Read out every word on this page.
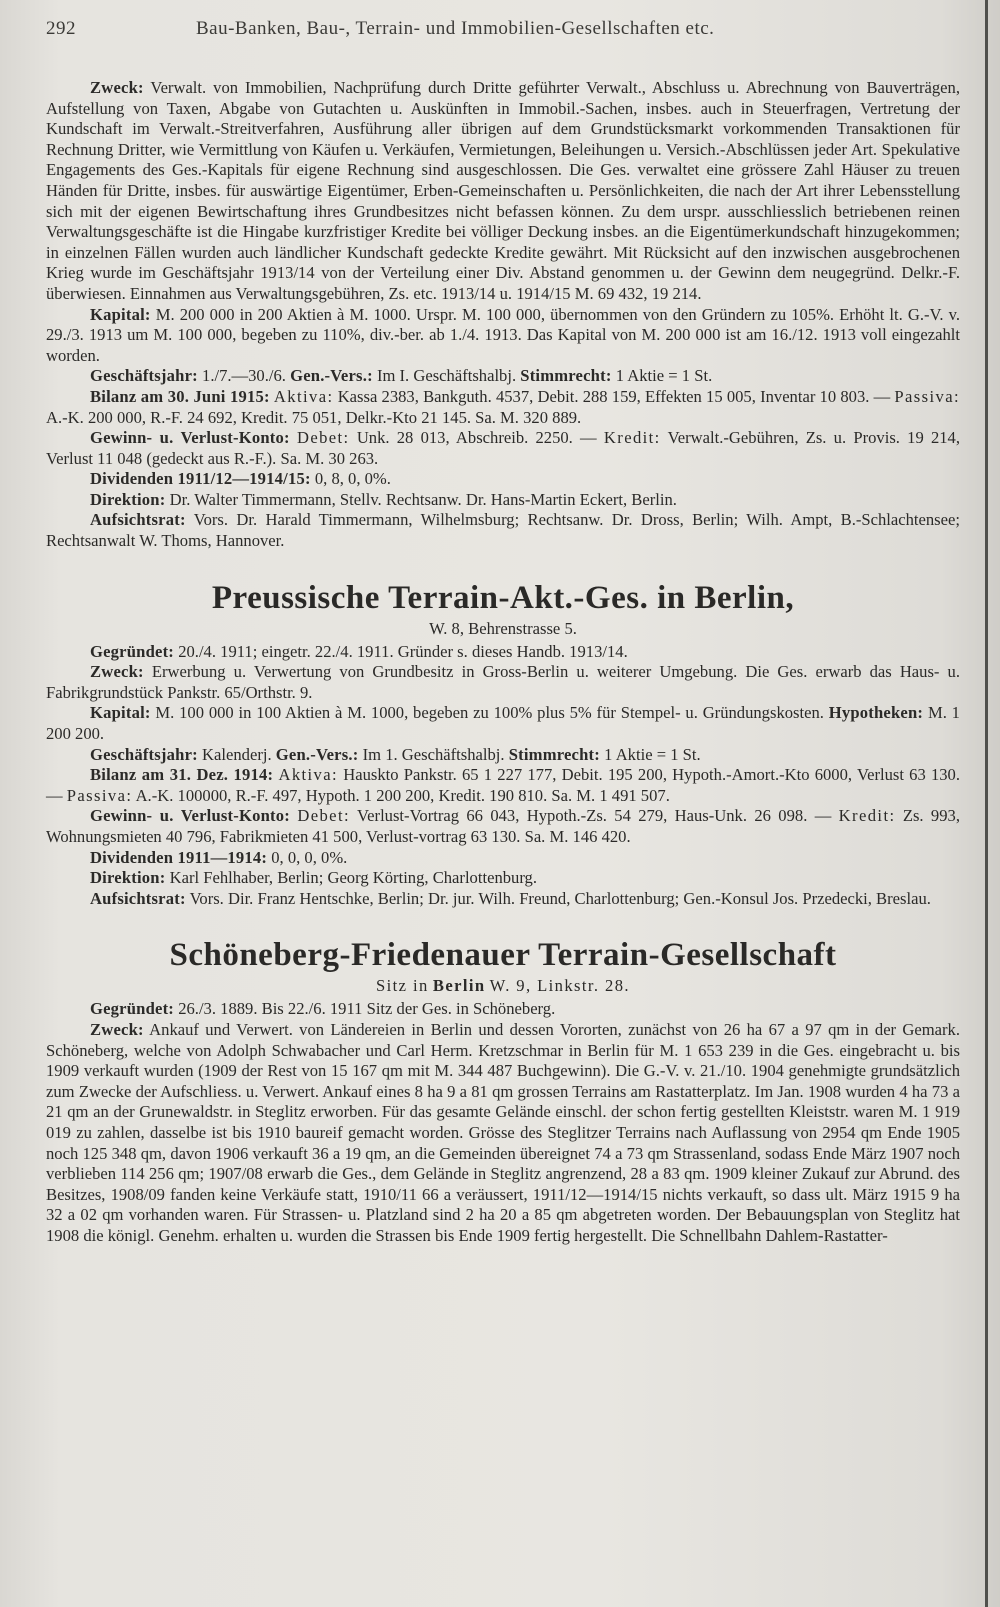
292	Bau-Banken, Bau-, Terrain- und Immobilien-Gesellschaften etc.

Zweck: Verwalt. von Immobilien, Nachprüfung durch Dritte geführter Verwalt., Abschluss u. Abrechnung von Bauverträgen, Aufstellung von Taxen, Abgabe von Gutachten u. Auskünften in Immobil.-Sachen, insbes. auch in Steuerfragen, Vertretung der Kundschaft im Verwalt.-Streitverfahren, Ausführung aller übrigen auf dem Grundstücksmarkt vorkommenden Transaktionen für Rechnung Dritter, wie Vermittlung von Käufen u. Verkäufen, Vermietungen, Beleihungen u. Versich.-Abschlüssen jeder Art. Spekulative Engagements des Ges.-Kapitals für eigene Rechnung sind ausgeschlossen. Die Ges. verwaltet eine grössere Zahl Häuser zu treuen Händen für Dritte, insbes. für auswärtige Eigentümer, Erben-Gemeinschaften u. Persönlichkeiten, die nach der Art ihrer Lebensstellung sich mit der eigenen Bewirtschaftung ihres Grundbesitzes nicht befassen können. Zu dem urspr. ausschliesslich betriebenen reinen Verwaltungsgeschäfte ist die Hingabe kurzfristiger Kredite bei völliger Deckung insbes. an die Eigentümerkundschaft hinzugekommen; in einzelnen Fällen wurden auch ländlicher Kundschaft gedeckte Kredite gewährt. Mit Rücksicht auf den inzwischen ausgebrochenen Krieg wurde im Geschäftsjahr 1913/14 von der Verteilung einer Div. Abstand genommen u. der Gewinn dem neugegründ. Delkr.-F. überwiesen. Einnahmen aus Verwaltungsgebühren, Zs. etc. 1913/14 u. 1914/15 M. 69 432, 19 214.

Kapital: M. 200 000 in 200 Aktien à M. 1000. Urspr. M. 100 000, übernommen von den Gründern zu 105%. Erhöht lt. G.-V. v. 29./3. 1913 um M. 100 000, begeben zu 110%, div.-ber. ab 1./4. 1913. Das Kapital von M. 200 000 ist am 16./12. 1913 voll eingezahlt worden.

Geschäftsjahr: 1./7.—30./6. Gen.-Vers.: Im I. Geschäftshalbj. Stimmrecht: 1 Aktie = 1 St.

Bilanz am 30. Juni 1915: Aktiva: Kassa 2383, Bankguth. 4537, Debit. 288 159, Effekten 15 005, Inventar 10 803. — Passiva: A.-K. 200 000, R.-F. 24 692, Kredit. 75 051, Delkr.-Kto 21 145. Sa. M. 320 889.

Gewinn- u. Verlust-Konto: Debet: Unk. 28 013, Abschreib. 2250. — Kredit: Verwalt.-Gebühren, Zs. u. Provis. 19 214, Verlust 11 048 (gedeckt aus R.-F.). Sa. M. 30 263.

Dividenden 1911/12—1914/15: 0, 8, 0, 0%.

Direktion: Dr. Walter Timmermann, Stellv. Rechtsanw. Dr. Hans-Martin Eckert, Berlin.

Aufsichtsrat: Vors. Dr. Harald Timmermann, Wilhelmsburg; Rechtsanw. Dr. Dross, Berlin; Wilh. Ampt, B.-Schlachtensee; Rechtsanwalt W. Thoms, Hannover.

Preussische Terrain-Akt.-Ges. in Berlin,

W. 8, Behrenstrasse 5.

Gegründet: 20./4. 1911; eingetr. 22./4. 1911. Gründer s. dieses Handb. 1913/14.

Zweck: Erwerbung u. Verwertung von Grundbesitz in Gross-Berlin u. weiterer Umgebung. Die Ges. erwarb das Haus- u. Fabrikgrundstück Pankstr. 65/Orthstr. 9.

Kapital: M. 100 000 in 100 Aktien à M. 1000, begeben zu 100% plus 5% für Stempel- u. Gründungskosten. Hypotheken: M. 1 200 200.

Geschäftsjahr: Kalenderj. Gen.-Vers.: Im 1. Geschäftshalbj. Stimmrecht: 1 Aktie = 1 St.

Bilanz am 31. Dez. 1914: Aktiva: Hauskto Pankstr. 65 1 227 177, Debit. 195 200, Hypoth.-Amort.-Kto 6000, Verlust 63 130. — Passiva: A.-K. 100000, R.-F. 497, Hypoth. 1 200 200, Kredit. 190 810. Sa. M. 1 491 507.

Gewinn- u. Verlust-Konto: Debet: Verlust-Vortrag 66 043, Hypoth.-Zs. 54 279, Haus-Unk. 26 098. — Kredit: Zs. 993, Wohnungsmieten 40 796, Fabrikmieten 41 500, Verlust-vortrag 63 130. Sa. M. 146 420.

Dividenden 1911—1914: 0, 0, 0, 0%.

Direktion: Karl Fehlhaber, Berlin; Georg Körting, Charlottenburg.

Aufsichtsrat: Vors. Dir. Franz Hentschke, Berlin; Dr. jur. Wilh. Freund, Charlottenburg; Gen.-Konsul Jos. Przedecki, Breslau.

Schöneberg-Friedenauer Terrain-Gesellschaft

Sitz in Berlin W. 9, Linkstr. 28.

Gegründet: 26./3. 1889. Bis 22./6. 1911 Sitz der Ges. in Schöneberg.

Zweck: Ankauf und Verwert. von Ländereien in Berlin und dessen Vororten, zunächst von 26 ha 67 a 97 qm in der Gemark. Schöneberg, welche von Adolph Schwabacher und Carl Herm. Kretzschmar in Berlin für M. 1 653 239 in die Ges. eingebracht u. bis 1909 verkauft wurden (1909 der Rest von 15 167 qm mit M. 344 487 Buchgewinn). Die G.-V. v. 21./10. 1904 genehmigte grundsätzlich zum Zwecke der Aufschliess. u. Verwert. Ankauf eines 8 ha 9 a 81 qm grossen Terrains am Rastatterplatz. Im Jan. 1908 wurden 4 ha 73 a 21 qm an der Grunewaldstr. in Steglitz erworben. Für das gesamte Gelände einschl. der schon fertig gestellten Kleiststr. waren M. 1 919 019 zu zahlen, dasselbe ist bis 1910 baureif gemacht worden. Grösse des Steglitzer Terrains nach Auflassung von 2954 qm Ende 1905 noch 125 348 qm, davon 1906 verkauft 36 a 19 qm, an die Gemeinden übereignet 74 a 73 qm Strassenland, sodass Ende März 1907 noch verblieben 114 256 qm; 1907/08 erwarb die Ges., dem Gelände in Steglitz angrenzend, 28 a 83 qm. 1909 kleiner Zukauf zur Abrund. des Besitzes, 1908/09 fanden keine Verkäufe statt, 1910/11 66 a veräussert, 1911/12—1914/15 nichts verkauft, so dass ult. März 1915 9 ha 32 a 02 qm vorhanden waren. Für Strassen- u. Platzland sind 2 ha 20 a 85 qm abgetreten worden. Der Bebauungsplan von Steglitz hat 1908 die königl. Genehm. erhalten u. wurden die Strassen bis Ende 1909 fertig hergestellt. Die Schnellbahn Dahlem-Rastatter-
